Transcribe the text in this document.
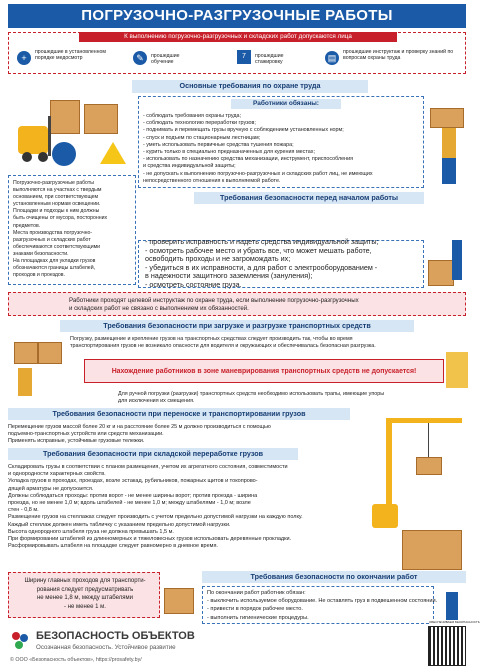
ПОГРУЗОЧНО-РАЗГРУЗОЧНЫЕ РАБОТЫ
К выполнению погрузочно-разгрузочных и складских работ допускаются лица
+
прошедшие в установленном порядке медосмотр	✎	прошедшие обучение
7	прошедшие стажировку	▤
прошедшие инструктаж и проверку знаний по вопросам охраны труда
Основные требования по охране труда
Работники обязаны:
- соблюдать требования охраны труда;
- соблюдать технологию переработки грузов;
- поднимать и перемещать грузы вручную с соблюдением установленных норм;
- спуск и подъем по стационарным лестницам;
- уметь использовать первичные средства тушения пожара;
- курить только в специально предназначенных для курения местах;
- использовать по назначению средства механизации, инструмент, приспособления
и средства индивидуальной защиты;
- не допускать к выполнению погрузочно-разгрузочных и складских работ лиц, не имеющих
непосредственного отношения к выполняемой работе.
Погрузочно-разгрузочные работы
выполняются на участках с твердым
основанием, при соответствующем
установленным нормам освещении.
Площадки и подходы к ним должны
быть очищены от мусора, посторонних
предметов.
Места производства погрузочно-
разгрузочных и складских работ
обеспечиваются соответствующими
знаками безопасности.
На площадках для укладки грузов
обозначаются границы штабелей,
проходов и проездов.
Требования безопасности перед началом работы
- проверить исправность и надеть средства индивидуальной защиты;
- осмотреть рабочее место и убрать все, что может мешать работе,
освободить проходы и не загромождать их;
- убедиться в их исправности, а для работ с электрооборудованием -
в надежности защитного заземления (зануления);
- осмотреть состояние груза.
Работники проходят целевой инструктаж по охране труда, если выполнение погрузочно-разгрузочных
и складских работ не связано с выполнением их обязанностей.
Требования безопасности при загрузке и разгрузке транспортных средств
Погрузку, размещение и крепление грузов на транспортных средствах следует производить так, чтобы во время
транспортирования грузов не возникало опасности для водителя и окружающих и обеспечивалась безопасная разгрузка.
Нахождение работников в зоне маневрирования транспортных средств не допускается!
Для ручной погрузки (разгрузки) транспортных средств необходимо использовать трапы, имеющие упоры
для исключения их смещения.
Требования безопасности при переноске и транспортировании грузов
Перемещение грузов массой более 20 кг и на расстояние более 25 м должно производиться с помощью
подъемно-транспортных устройств или средств механизации.
Применять исправные, устойчивые грузовые тележки.
Требования безопасности при складской переработке грузов
Складировать грузы в соответствии с планом размещения, учетом их агрегатного состояния, совместимости
и однородности характерных свойств.
Укладка грузов в проходах, проездах, возле эстакад, рубильников, пожарных щитов и токопрово-
дящей арматуры не допускается.
Должны соблюдаться проходы: против ворот - не менее ширины ворот; против проезда - ширина
проезда, но не менее 1,0 м; вдоль штабелей - не менее 1,0 м; между штабелями - 1,0 м; возле
стен - 0,8 м.
Размещение грузов на стеллажах следует производить с учетом предельно допустимой нагрузки на каждую полку.
Каждый стеллаж должен иметь табличку с указанием предельно допустимой нагрузки.
Высота однородного штабеля груза не должна превышать 1,5 м.
При формировании штабелей из длинномерных и тяжеловесных грузов использовать деревянные прокладки.
Расформировывать штабеля на площадке следует равномерно в дневное время.
Ширину главных проходов для транспорти-
рования следует предусматривать
не менее 1,8 м, между штабелями
- не менее 1 м.
Требования безопасности по окончании работ
По окончании работ работник обязан:
- выключить используемое оборудование. Не оставлять груз в подвешенном состоянии.
- привести в порядок рабочее место.
- выполнить гигиенические процедуры.
БЕЗОПАСНОСТЬ ОБЪЕКТОВ
Осознанная безопасность. Устойчивое развитие
© ООО «Безопасность объектов», https://prosafety.by/
ОБЕСПЕЧИВАЕМ БЕЗОПАСНОСТЬ
